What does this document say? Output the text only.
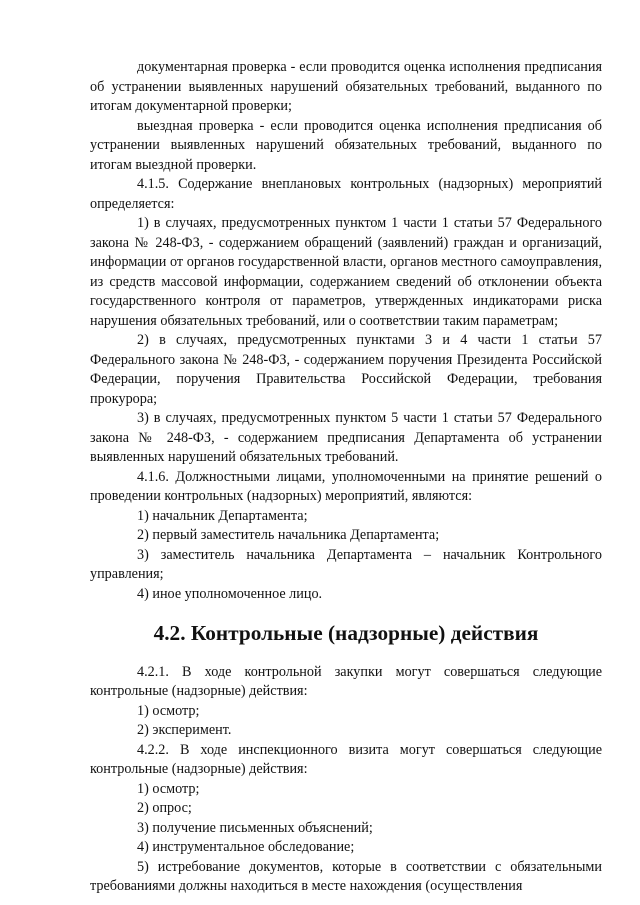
документарная проверка - если проводится оценка исполнения предписания об устранении выявленных нарушений обязательных требований, выданного по итогам документарной проверки;

выездная проверка - если проводится оценка исполнения предписания об устранении выявленных нарушений обязательных требований, выданного по итогам выездной проверки.

4.1.5. Содержание внеплановых контрольных (надзорных) мероприятий определяется:

1) в случаях, предусмотренных пунктом 1 части 1 статьи 57 Федерального закона № 248-ФЗ, - содержанием обращений (заявлений) граждан и организаций, информации от органов государственной власти, органов местного самоуправления, из средств массовой информации, содержанием сведений об отклонении объекта государственного контроля от параметров, утвержденных индикаторами риска нарушения обязательных требований, или о соответствии таким параметрам;

2) в случаях, предусмотренных пунктами 3 и 4 части 1 статьи 57 Федерального закона № 248-ФЗ, - содержанием поручения Президента Российской Федерации, поручения Правительства Российской Федерации, требования прокурора;

3) в случаях, предусмотренных пунктом 5 части 1 статьи 57 Федерального закона № 248-ФЗ, - содержанием предписания Департамента об устранении выявленных нарушений обязательных требований.

4.1.6. Должностными лицами, уполномоченными на принятие решений о проведении контрольных (надзорных) мероприятий, являются:

1) начальник Департамента;

2) первый заместитель начальника Департамента;

3) заместитель начальника Департамента – начальник Контрольного управления;

4) иное уполномоченное лицо.

4.2. Контрольные (надзорные) действия

4.2.1. В ходе контрольной закупки могут совершаться следующие контрольные (надзорные) действия:

1) осмотр;

2) эксперимент.

4.2.2. В ходе инспекционного визита могут совершаться следующие контрольные (надзорные) действия:

1) осмотр;

2) опрос;

3) получение письменных объяснений;

4) инструментальное обследование;

5) истребование документов, которые в соответствии с обязательными требованиями должны находиться в месте нахождения (осуществления
